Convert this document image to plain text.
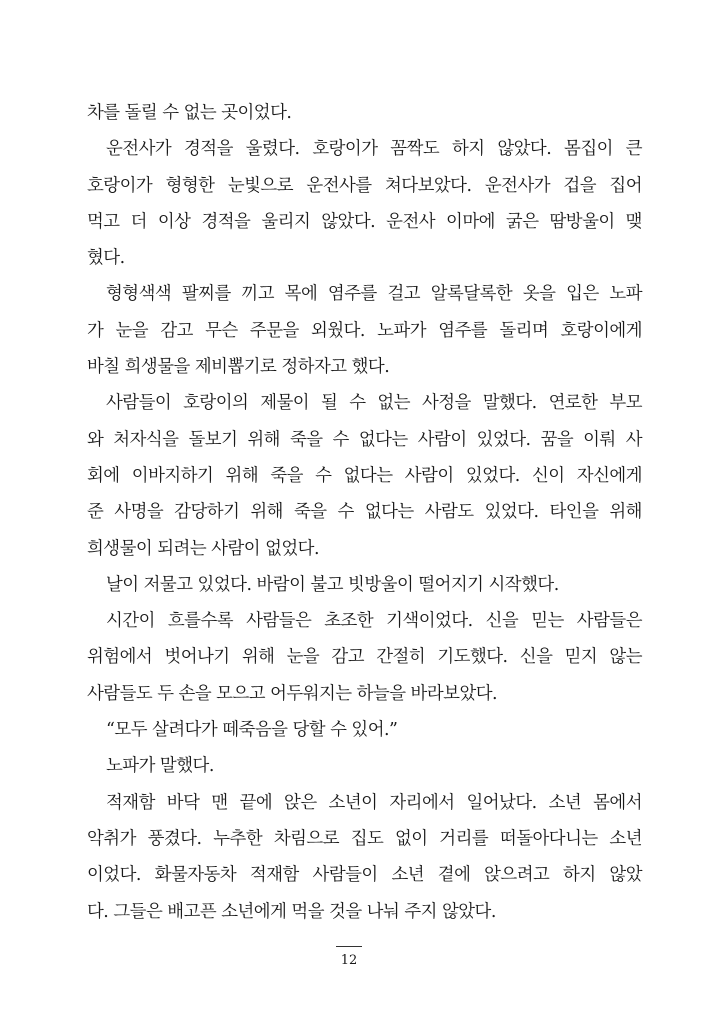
차를 돌릴 수 없는 곳이었다.
운전사가 경적을 울렸다. 호랑이가 꼼짝도 하지 않았다. 몸집이 큰
호랑이가 형형한 눈빛으로 운전사를 쳐다보았다. 운전사가 겁을 집어
먹고 더 이상 경적을 울리지 않았다. 운전사 이마에 굵은 땀방울이 맺
혔다.
형형색색 팔찌를 끼고 목에 염주를 걸고 알록달록한 옷을 입은 노파
가 눈을 감고 무슨 주문을 외웠다. 노파가 염주를 돌리며 호랑이에게
바칠 희생물을 제비뽑기로 정하자고 했다.
사람들이 호랑이의 제물이 될 수 없는 사정을 말했다. 연로한 부모
와 처자식을 돌보기 위해 죽을 수 없다는 사람이 있었다. 꿈을 이뤄 사
회에 이바지하기 위해 죽을 수 없다는 사람이 있었다. 신이 자신에게
준 사명을 감당하기 위해 죽을 수 없다는 사람도 있었다. 타인을 위해
희생물이 되려는 사람이 없었다.
날이 저물고 있었다. 바람이 불고 빗방울이 떨어지기 시작했다.
시간이 흐를수록 사람들은 초조한 기색이었다. 신을 믿는 사람들은
위험에서 벗어나기 위해 눈을 감고 간절히 기도했다. 신을 믿지 않는
사람들도 두 손을 모으고 어두워지는 하늘을 바라보았다.
“모두 살려다가 떼죽음을 당할 수 있어.”
노파가 말했다.
적재함 바닥 맨 끝에 앉은 소년이 자리에서 일어났다. 소년 몸에서
악취가 풍겼다. 누추한 차림으로 집도 없이 거리를 떠돌아다니는 소년
이었다. 화물자동차 적재함 사람들이 소년 곁에 앉으려고 하지 않았
다. 그들은 배고픈 소년에게 먹을 것을 나눠 주지 않았다.
12
